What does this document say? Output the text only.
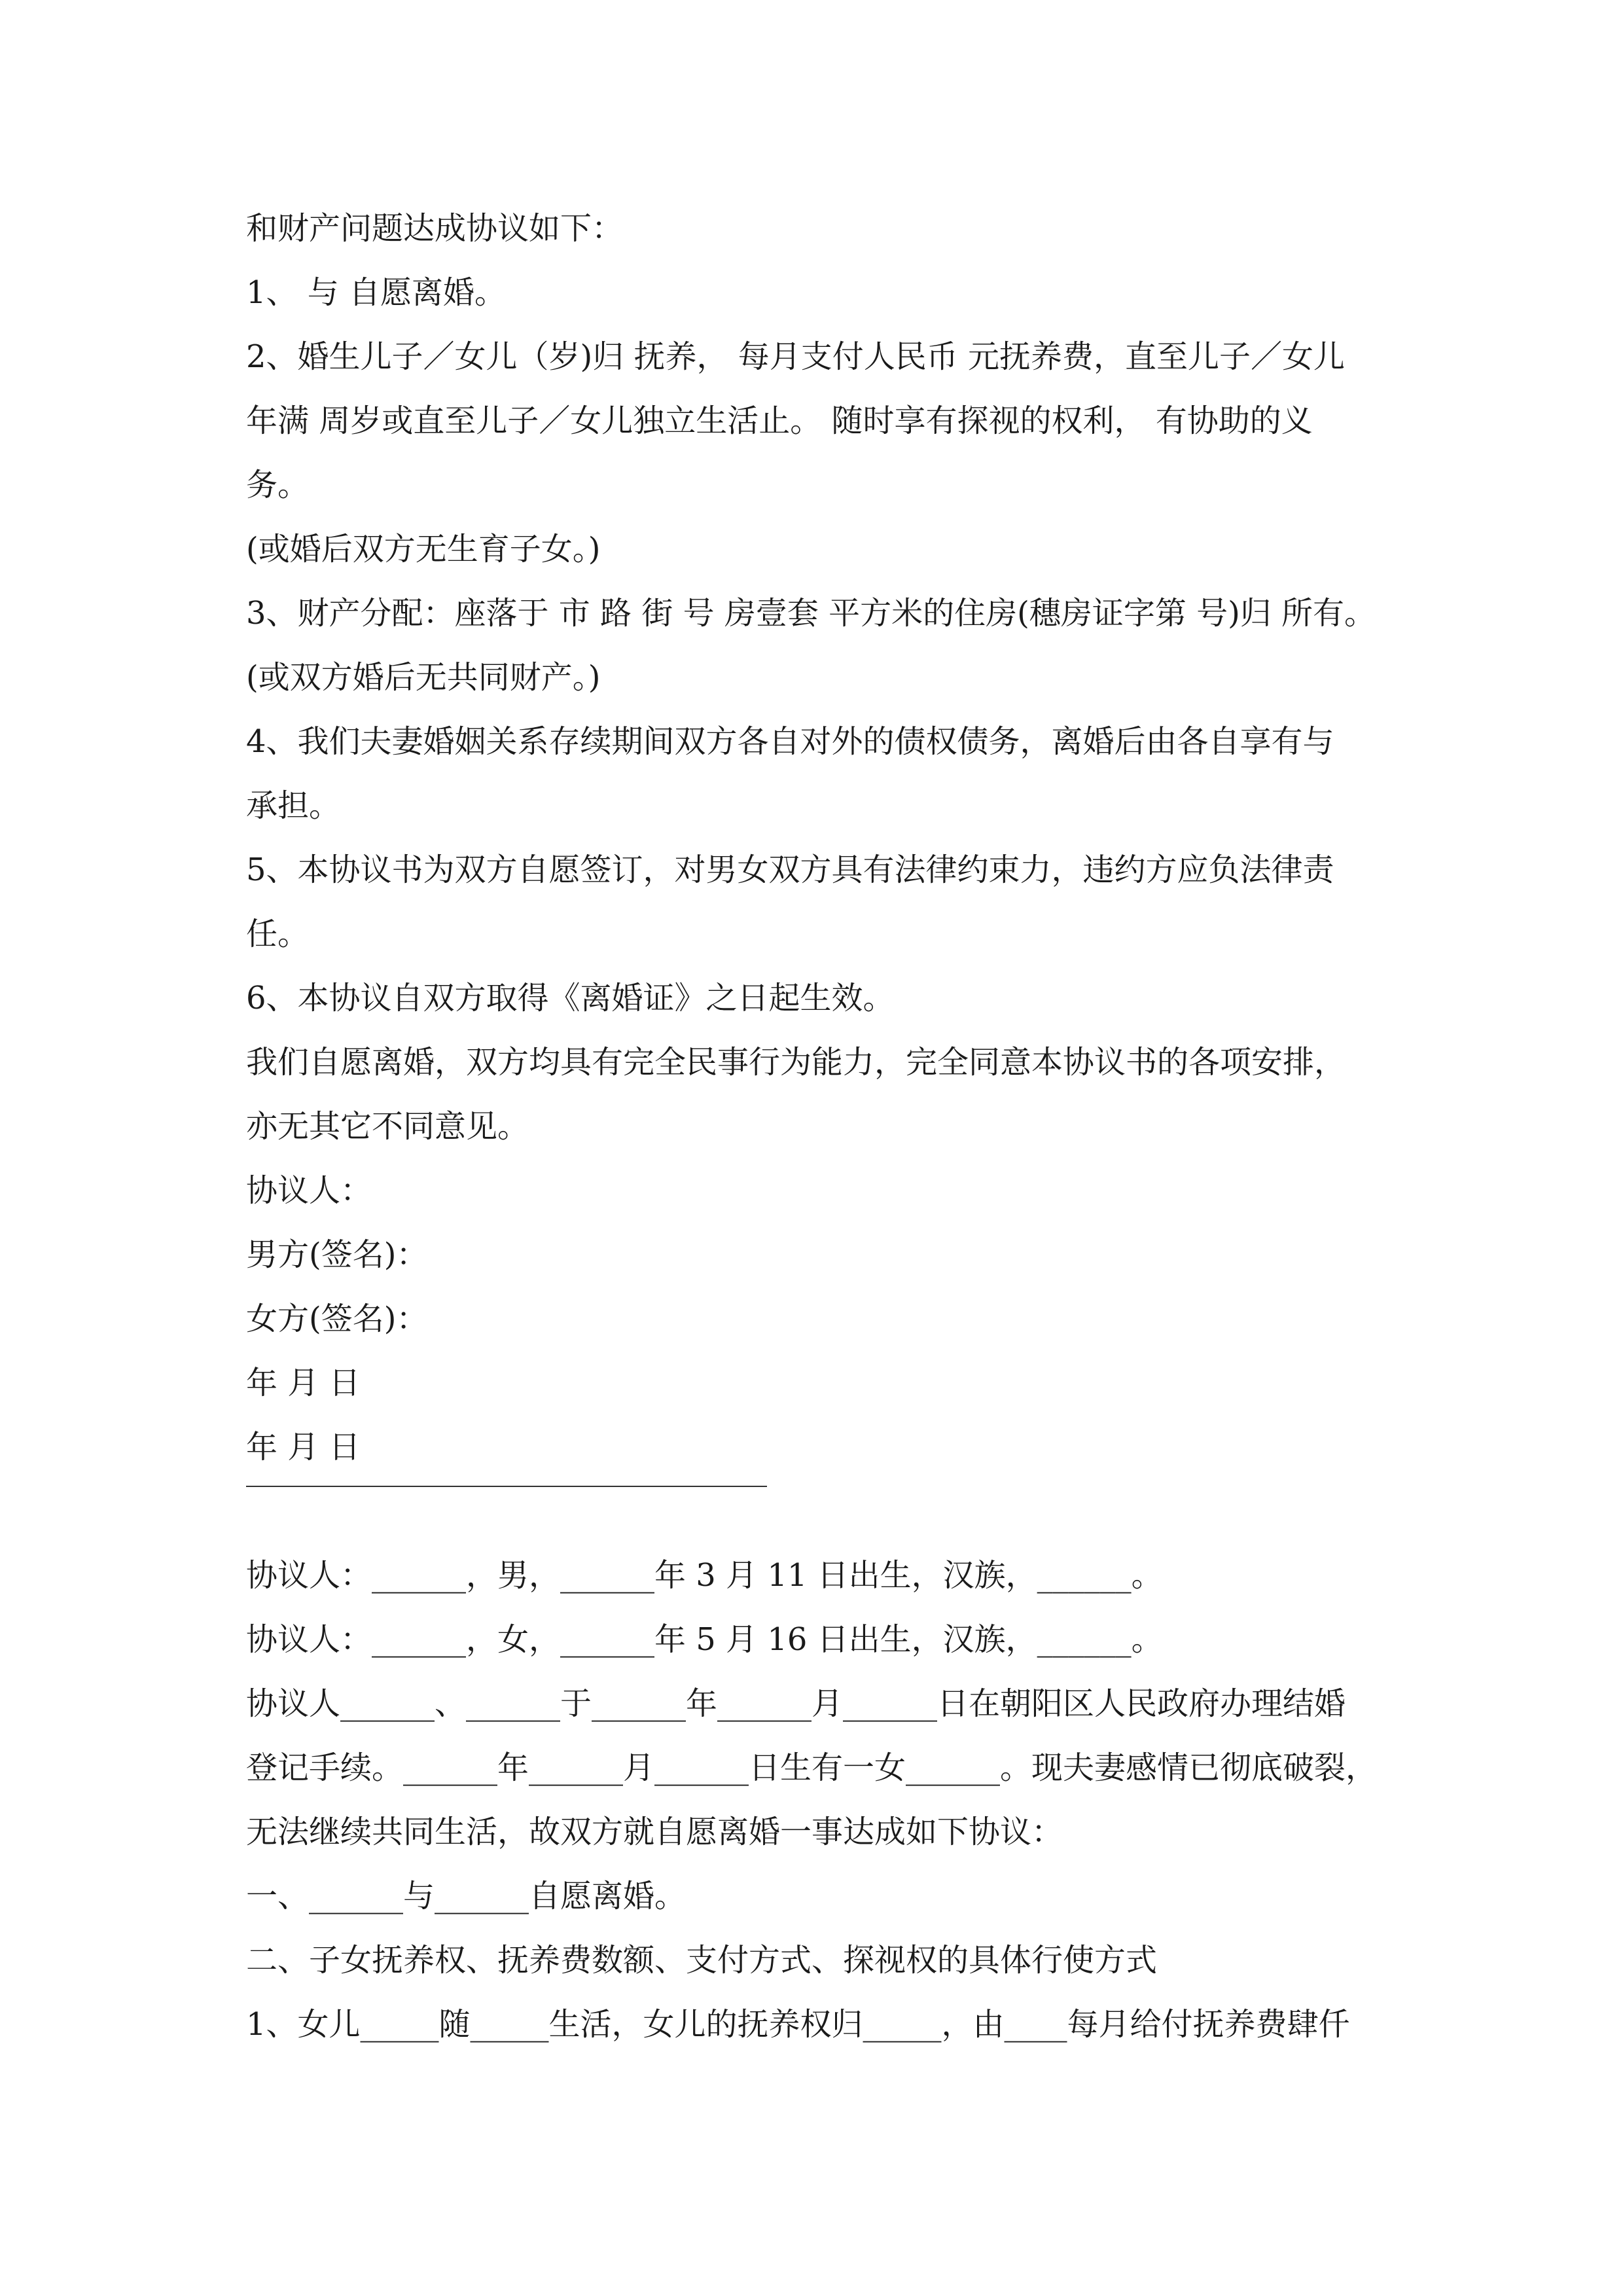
和财产问题达成协议如下：
1、 与 自愿离婚。
2、婚生儿子／女儿（岁)归 抚养， 每月支付人民币 元抚养费，直至儿子／女儿
年满 周岁或直至儿子／女儿独立生活止。 随时享有探视的权利， 有协助的义
务。
(或婚后双方无生育子女。)
3、财产分配：座落于 市 路 街 号 房壹套 平方米的住房(穗房证字第 号)归 所有。
(或双方婚后无共同财产。)
4、我们夫妻婚姻关系存续期间双方各自对外的债权债务，离婚后由各自享有与
承担。
5、本协议书为双方自愿签订，对男女双方具有法律约束力，违约方应负法律责
任。
6、本协议自双方取得《离婚证》之日起生效。
我们自愿离婚，双方均具有完全民事行为能力，完全同意本协议书的各项安排，
亦无其它不同意见。
协议人：
男方(签名)：
女方(签名)：
年 月 日
年 月 日
协议人：______，男，______年 3 月 11 日出生，汉族，______。
协议人：______，女，______年 5 月 16 日出生，汉族，______。
协议人______、______于______年______月______日在朝阳区人民政府办理结婚
登记手续。______年______月______日生有一女______。现夫妻感情已彻底破裂，
无法继续共同生活，故双方就自愿离婚一事达成如下协议：
一、______与______自愿离婚。
二、子女抚养权、抚养费数额、支付方式、探视权的具体行使方式
1、女儿_____随_____生活，女儿的抚养权归_____，由____每月给付抚养费肆仟
